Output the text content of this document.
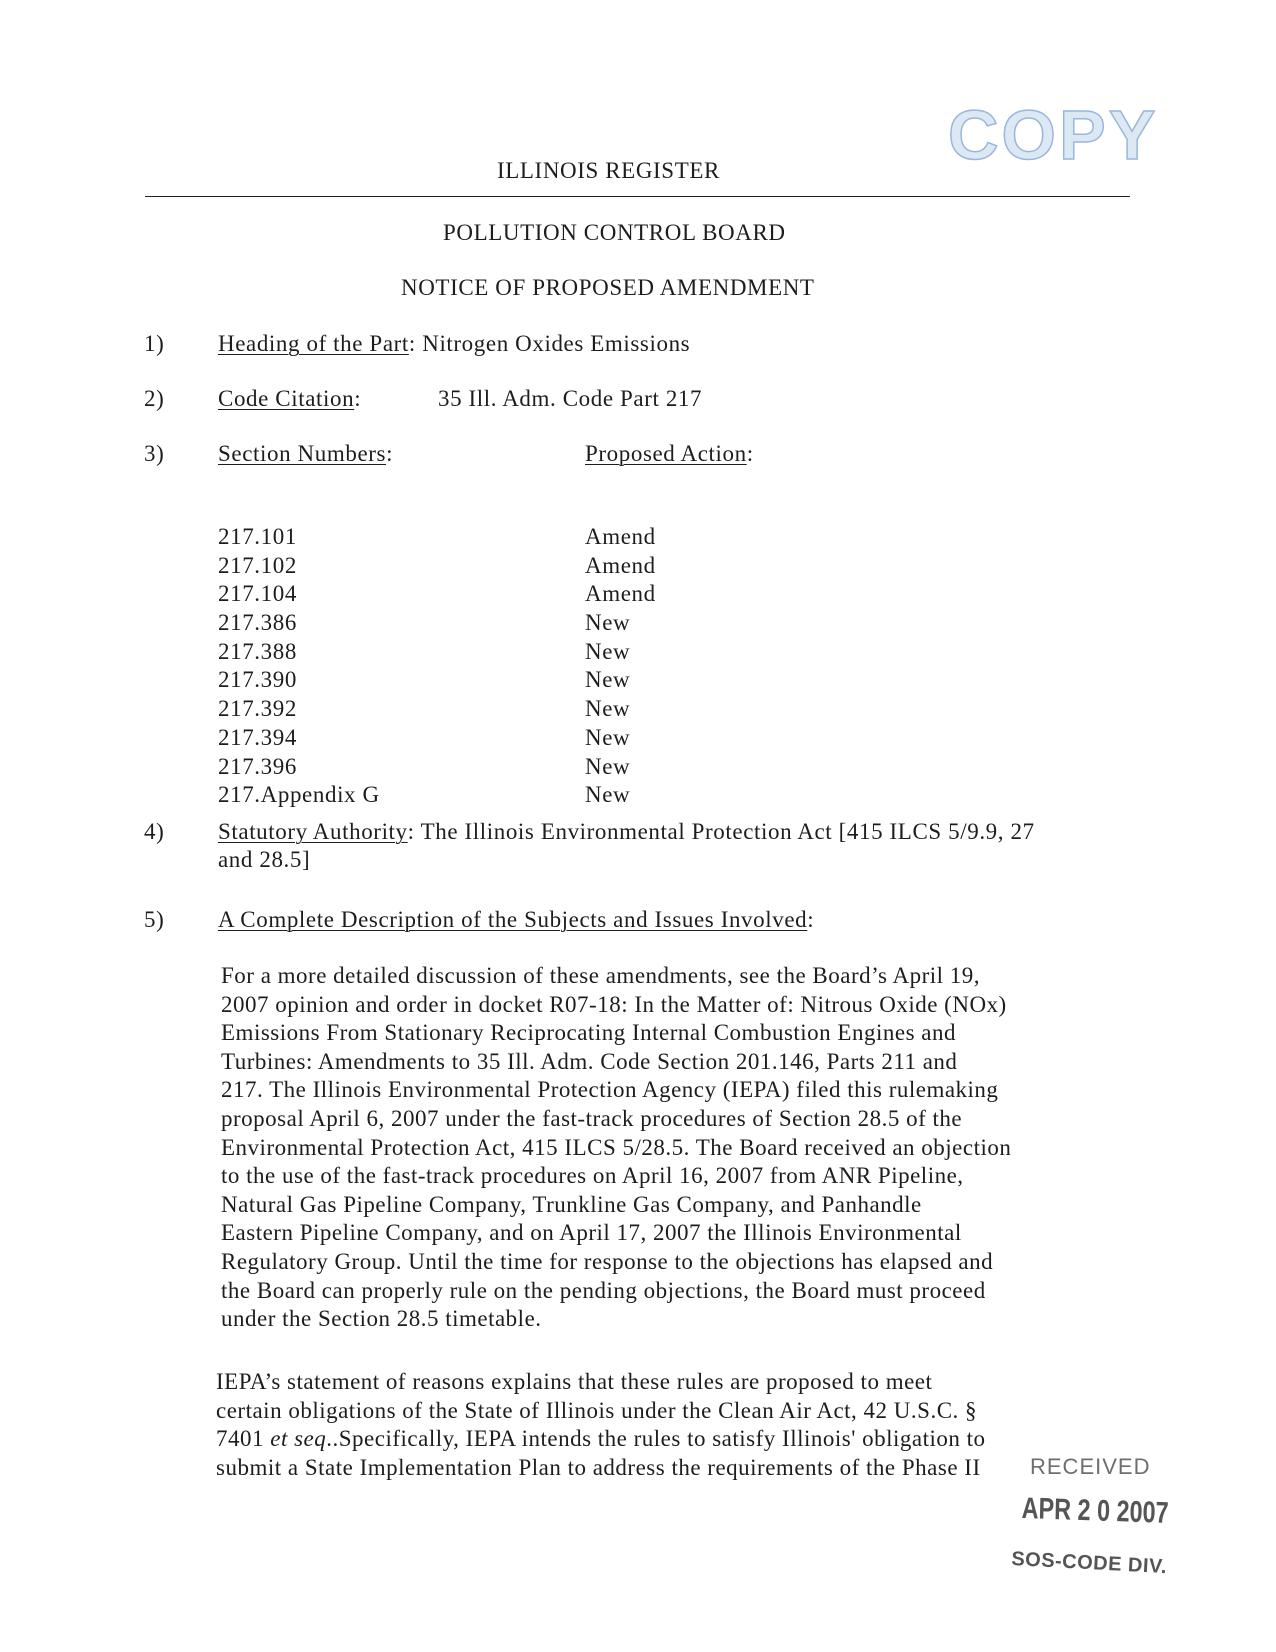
COPY
ILLINOIS REGISTER
POLLUTION CONTROL BOARD
NOTICE OF PROPOSED AMENDMENT
1) Heading of the Part: Nitrogen Oxides Emissions
2) Code Citation:	35 Ill. Adm. Code Part 217
3) Section Numbers:	Proposed Action:
217.101
217.102
217.104
217.386
217.388
217.390
217.392
217.394
217.396
217.Appendix G
Amend
Amend
Amend
New
New
New
New
New
New
New
4) Statutory Authority: The Illinois Environmental Protection Act [415 ILCS 5/9.9, 27
and 28.5]
5) A Complete Description of the Subjects and Issues Involved:
For a more detailed discussion of these amendments, see the Board’s April 19,
2007 opinion and order in docket R07-18: In the Matter of: Nitrous Oxide (NOx)
Emissions From Stationary Reciprocating Internal Combustion Engines and
Turbines: Amendments to 35 Ill. Adm. Code Section 201.146, Parts 211 and
217. The Illinois Environmental Protection Agency (IEPA) filed this rulemaking
proposal April 6, 2007 under the fast-track procedures of Section 28.5 of the
Environmental Protection Act, 415 ILCS 5/28.5. The Board received an objection
to the use of the fast-track procedures on April 16, 2007 from ANR Pipeline,
Natural Gas Pipeline Company, Trunkline Gas Company, and Panhandle
Eastern Pipeline Company, and on April 17, 2007 the Illinois Environmental
Regulatory Group. Until the time for response to the objections has elapsed and
the Board can properly rule on the pending objections, the Board must proceed
under the Section 28.5 timetable.
IEPA’s statement of reasons explains that these rules are proposed to meet
certain obligations of the State of Illinois under the Clean Air Act, 42 U.S.C. §
7401 et seq..Specifically, IEPA intends the rules to satisfy Illinois' obligation to
submit a State Implementation Plan to address the requirements of the Phase II RECEIVED
APR 2 0 2007
SOS-CODE DIV.
